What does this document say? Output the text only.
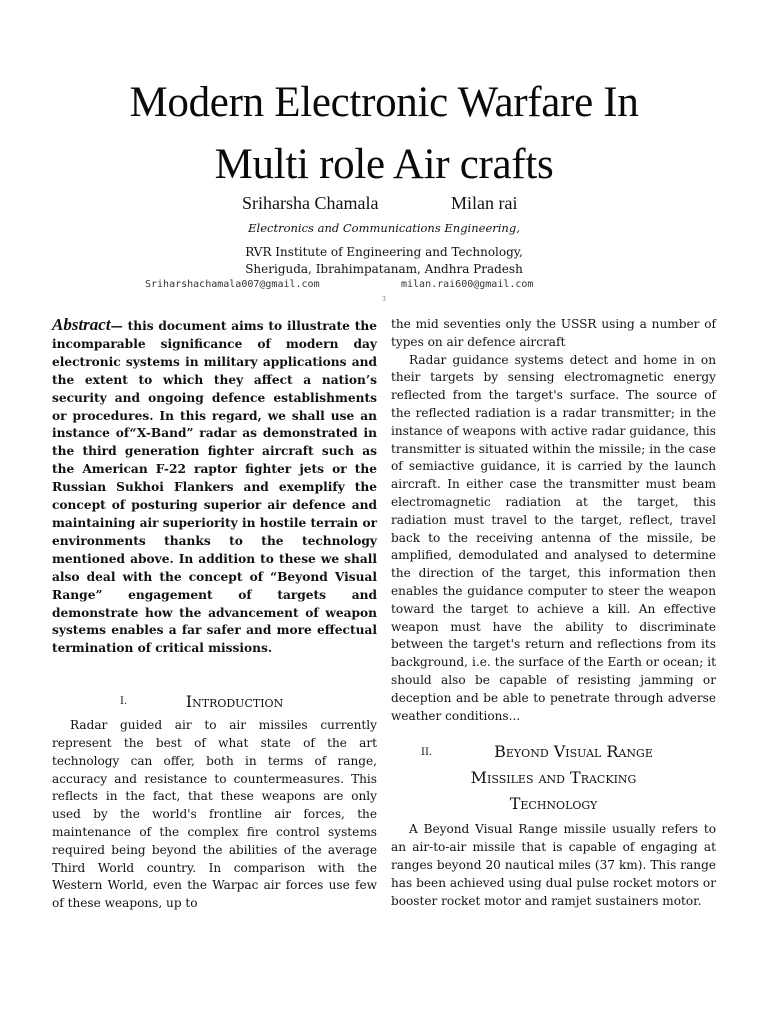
Modern Electronic Warfare In
Multi role Air crafts
Sriharsha Chamala	Milan rai
Electronics and Communications Engineering,
RVR Institute of Engineering and Technology,
Sheriguda, Ibrahimpatanam, Andhra Pradesh
Sriharshachamala007@gmail.com	milan.rai600@gmail.com
3

Abstract— this document aims to illustrate the incomparable significance of modern day electronic systems in military applications and the extent to which they affect a nation’s security and ongoing defence establishments or procedures. In this regard, we shall use an instance of“X-Band” radar as demonstrated in the third generation fighter aircraft such as the American F-22 raptor fighter jets or the Russian Sukhoi Flankers and exemplify the concept of posturing superior air defence and maintaining air superiority in hostile terrain or environments thanks to the technology mentioned above. In addition to these we shall also deal with the concept of “Beyond Visual Range” engagement of targets and demonstrate how the advancement of weapon systems enables a far safer and more effectual termination of critical missions.

I.	Introduction

Radar guided air to air missiles currently represent the best of what state of the art technology can offer, both in terms of range, accuracy and resistance to countermeasures. This reflects in the fact, that these weapons are only used by the world's frontline air forces, the maintenance of the complex fire control systems required being beyond the abilities of the average Third World country. In comparison with the Western World, even the Warpac air forces use few of these weapons, up to

the mid seventies only the USSR using a number of types on air defence aircraft

Radar guidance systems detect and home in on their targets by sensing electromagnetic energy reflected from the target's surface. The source of the reflected radiation is a radar transmitter; in the instance of weapons with active radar guidance, this transmitter is situated within the missile; in the case of semiactive guidance, it is carried by the launch aircraft. In either case the transmitter must beam electromagnetic radiation at the target, this radiation must travel to the target, reflect, travel back to the receiving antenna of the missile, be amplified, demodulated and analysed to determine the direction of the target, this information then enables the guidance computer to steer the weapon toward the target to achieve a kill. An effective weapon must have the ability to discriminate between the target's return and reflections from its background, i.e. the surface of the Earth or ocean; it should also be capable of resisting jamming or deception and be able to penetrate through adverse weather conditions...

II.	Beyond Visual Range
Missiles and Tracking
Technology

A Beyond Visual Range missile usually refers to an air-to-air missile that is capable of engaging at ranges beyond 20 nautical miles (37 km). This range has been achieved using dual pulse rocket motors or booster rocket motor and ramjet sustainers motor.
